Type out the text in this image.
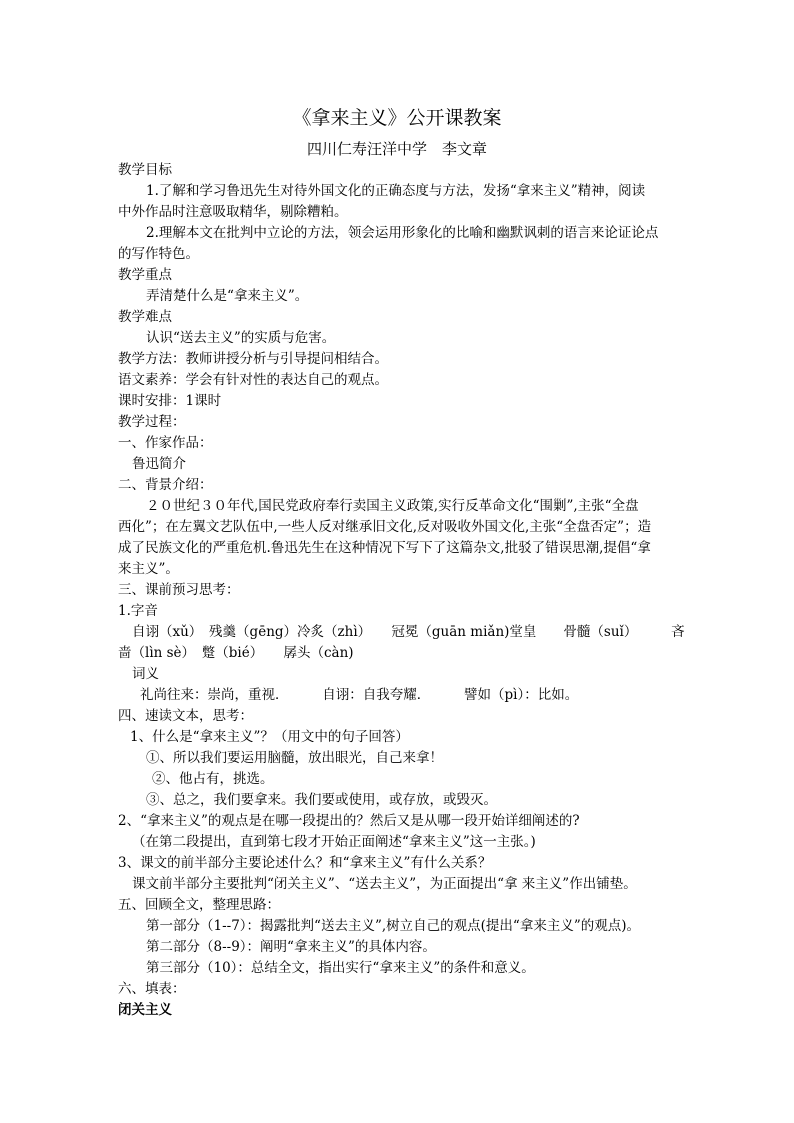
《拿来主义》公开课教案
四川仁寿汪洋中学　李文章
教学目标
1.了解和学习鲁迅先生对待外国文化的正确态度与方法，发扬“拿来主义”精神，阅读
中外作品时注意吸取精华，剔除糟粕。
2.理解本文在批判中立论的方法，领会运用形象化的比喻和幽默讽刺的语言来论证论点
的写作特色。
教学重点
弄清楚什么是“拿来主义”。
教学难点
认识“送去主义”的实质与危害。
教学方法：教师讲授分析与引导提问相结合。
语文素养：学会有针对性的表达自己的观点。
课时安排：1课时
教学过程：
一、作家作品：
鲁迅简介
二、背景介绍：
２０世纪３０年代,国民党政府奉行卖国主义政策,实行反革命文化“围剿”,主张“全盘
西化”；在左翼文艺队伍中,一些人反对继承旧文化,反对吸收外国文化,主张“全盘否定”；造
成了民族文化的严重危机.鲁迅先生在这种情况下写下了这篇杂文,批驳了错误思潮,提倡“拿
来主义”。
三、课前预习思考：
1.字音
自诩（xǔ）　残羹（gēng）冷炙（zhì）　　冠冕（guān miǎn)堂皇　　骨髓（suǐ）　　　吝
啬（lìn sè）　蹩（bié）　　孱头（càn)
词义
礼尚往来：崇尚，重视．　　　自诩：自我夸耀．　　　譬如（pì）：比如。
四、速读文本，思考：
1、什么是“拿来主义”？（用文中的句子回答）
①、所以我们要运用脑髓，放出眼光，自己来拿！
②、他占有，挑选。
③、总之，我们要拿来。我们要或使用，或存放，或毁灭。
2、“拿来主义”的观点是在哪一段提出的？然后又是从哪一段开始详细阐述的?
（在第二段提出，直到第七段才开始正面阐述“拿来主义”这一主张。)
3、课文的前半部分主要论述什么？和“拿来主义”有什么关系？
课文前半部分主要批判“闭关主义”、“送去主义”，为正面提出“拿 来主义”作出铺垫。
五、回顾全文，整理思路：
第一部分（1--7）：揭露批判“送去主义”,树立自己的观点(提出“拿来主义”的观点)。
第二部分（8--9）：阐明“拿来主义”的具体内容。
第三部分（10）：总结全文，指出实行“拿来主义”的条件和意义。
六、填表：
闭关主义
